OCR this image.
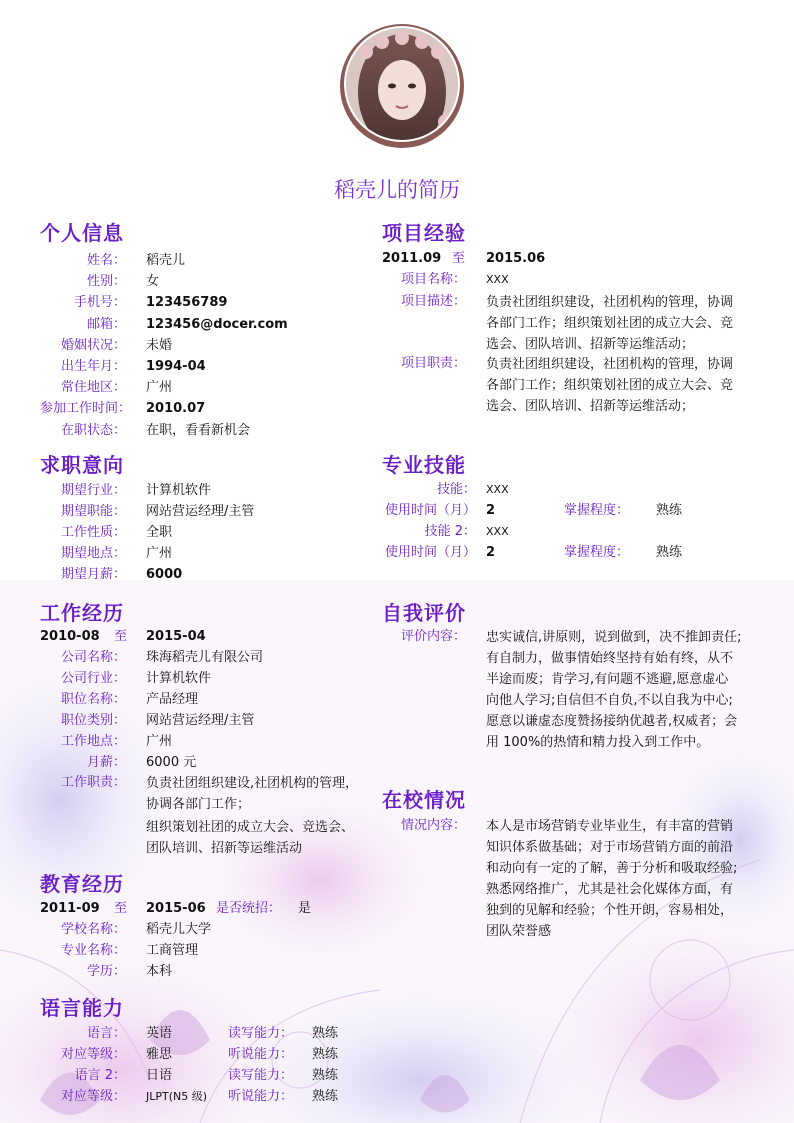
稻壳儿的简历
个人信息
姓名： 稻壳儿
性别： 女
手机号： 123456789
邮箱： 123456@docer.com
婚姻状况： 未婚
出生年月： 1994-04
常住地区： 广州
参加工作时间： 2010.07
在职状态： 在职，看看新机会
求职意向
期望行业： 计算机软件
期望职能： 网站营运经理/主管
工作性质： 全职
期望地点： 广州
期望月薪： 6000
工作经历
2010-08 至 2015-04
公司名称： 珠海稻壳儿有限公司
公司行业： 计算机软件
职位名称： 产品经理
职位类别： 网站营运经理/主管
工作地点： 广州
月薪： 6000 元
工作职责： 负责社团组织建设,社团机构的管理，
协调各部门工作；
组织策划社团的成立大会、竞选会、
团队培训、招新等运维活动
教育经历
2011-09 至 2015-06 是否统招： 是
学校名称： 稻壳儿大学
专业名称： 工商管理
学历： 本科
语言能力
语言： 英语	读写能力： 熟练
对应等级： 雅思	听说能力： 熟练
语言 2： 日语	读写能力： 熟练
对应等级： JLPT(N5 级) 听说能力： 熟练
项目经验
2011.09 至 2015.06
项目名称： XXX
项目描述： 负责社团组织建设，社团机构的管理，协调
各部门工作；组织策划社团的成立大会、竞
选会、团队培训、招新等运维活动；
项目职责： 负责社团组织建设，社团机构的管理，协调
各部门工作；组织策划社团的成立大会、竞
选会、团队培训、招新等运维活动；
专业技能
技能： XXX
使用时间（月） 2	掌握程度： 熟练
技能 2： XXX
使用时间（月） 2	掌握程度： 熟练
自我评价
评价内容： 忠实诚信,讲原则，说到做到，决不推卸责任;
有自制力，做事情始终坚持有始有终，从不
半途而废；肯学习,有问题不逃避,愿意虚心
向他人学习;自信但不自负,不以自我为中心;
愿意以谦虚态度赞扬接纳优越者,权威者；会
用 100%的热情和精力投入到工作中。
在校情况
情况内容： 本人是市场营销专业毕业生，有丰富的营销
知识体系做基础；对于市场营销方面的前沿
和动向有一定的了解，善于分析和吸取经验;
熟悉网络推广，尤其是社会化媒体方面，有
独到的见解和经验；个性开朗，容易相处，
团队荣誉感
